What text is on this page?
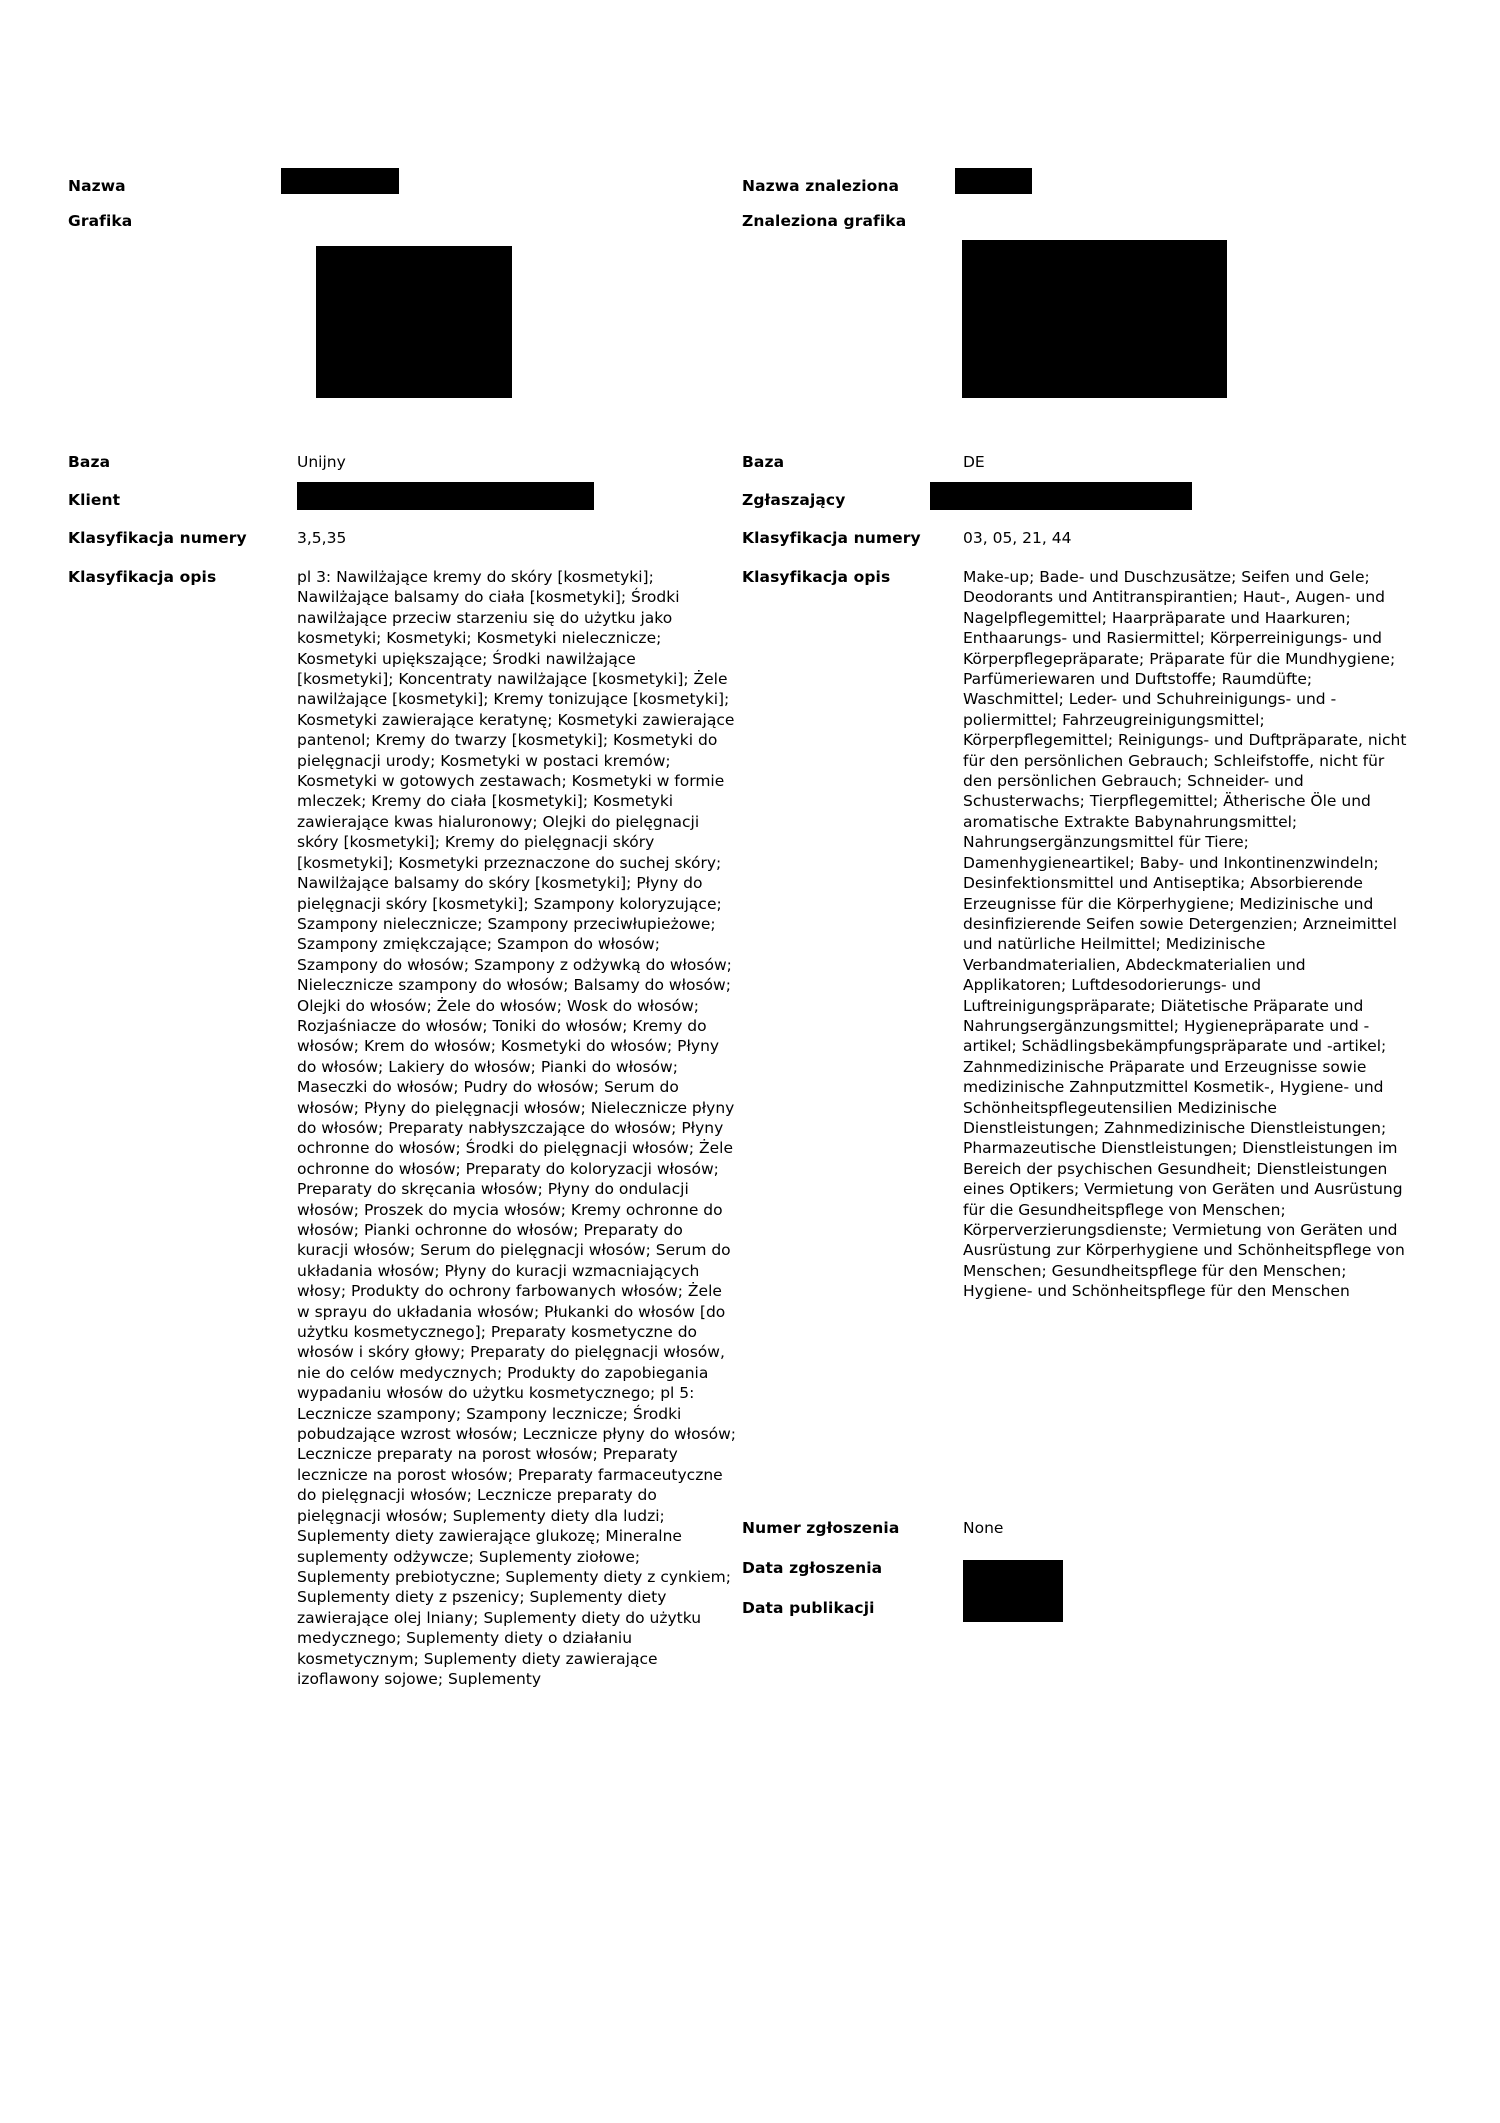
Nazwa
Grafika
Baza	Unijny
Klient
Klasyfikacja numery	3,5,35
Klasyfikacja opis	pl 3: Nawilżające kremy do skóry [kosmetyki]; Nawilżające balsamy do ciała [kosmetyki]; Środki nawilżające przeciw starzeniu się do użytku jako kosmetyki; Kosmetyki; Kosmetyki nielecznicze; Kosmetyki upiększające; Środki nawilżające [kosmetyki]; Koncentraty nawilżające [kosmetyki]; Żele nawilżające [kosmetyki]; Kremy tonizujące [kosmetyki]; Kosmetyki zawierające keratynę; Kosmetyki zawierające pantenol; Kremy do twarzy [kosmetyki]; Kosmetyki do pielęgnacji urody; Kosmetyki w postaci kremów; Kosmetyki w gotowych zestawach; Kosmetyki w formie mleczek; Kremy do ciała [kosmetyki]; Kosmetyki zawierające kwas hialuronowy; Olejki do pielęgnacji skóry [kosmetyki]; Kremy do pielęgnacji skóry [kosmetyki]; Kosmetyki przeznaczone do suchej skóry; Nawilżające balsamy do skóry [kosmetyki]; Płyny do pielęgnacji skóry [kosmetyki]; Szampony koloryzujące; Szampony nielecznicze; Szampony przeciwłupieżowe; Szampony zmiękczające; Szampon do włosów; Szampony do włosów; Szampony z odżywką do włosów; Nielecznicze szampony do włosów; Balsamy do włosów; Olejki do włosów; Żele do włosów; Wosk do włosów; Rozjaśniacze do włosów; Toniki do włosów; Kremy do włosów; Krem do włosów; Kosmetyki do włosów; Płyny do włosów; Lakiery do włosów; Pianki do włosów; Maseczki do włosów; Pudry do włosów; Serum do włosów; Płyny do pielęgnacji włosów; Nielecznicze płyny do włosów; Preparaty nabłyszczające do włosów; Płyny ochronne do włosów; Środki do pielęgnacji włosów; Żele ochronne do włosów; Preparaty do koloryzacji włosów; Preparaty do skręcania włosów; Płyny do ondulacji włosów; Proszek do mycia włosów; Kremy ochronne do włosów; Pianki ochronne do włosów; Preparaty do kuracji włosów; Serum do pielęgnacji włosów; Serum do układania włosów; Płyny do kuracji wzmacniających włosy; Produkty do ochrony farbowanych włosów; Żele w sprayu do układania włosów; Płukanki do włosów [do użytku kosmetycznego]; Preparaty kosmetyczne do włosów i skóry głowy; Preparaty do pielęgnacji włosów, nie do celów medycznych; Produkty do zapobiegania wypadaniu włosów do użytku kosmetycznego; pl 5: Lecznicze szampony; Szampony lecznicze; Środki pobudzające wzrost włosów; Lecznicze płyny do włosów; Lecznicze preparaty na porost włosów; Preparaty lecznicze na porost włosów; Preparaty farmaceutyczne do pielęgnacji włosów; Lecznicze preparaty do pielęgnacji włosów; Suplementy diety dla ludzi; Suplementy diety zawierające glukozę; Mineralne suplementy odżywcze; Suplementy ziołowe; Suplementy prebiotyczne; Suplementy diety z cynkiem; Suplementy diety z pszenicy; Suplementy diety zawierające olej lniany; Suplementy diety do użytku medycznego; Suplementy diety o działaniu kosmetycznym; Suplementy diety zawierające izoflawony sojowe; Suplementy
Nazwa znaleziona
Znaleziona grafika
Baza	DE
Zgłaszający
Klasyfikacja numery	03, 05, 21, 44
Klasyfikacja opis	Make-up; Bade- und Duschzusätze; Seifen und Gele; Deodorants und Antitranspirantien; Haut-, Augen- und Nagelpflegemittel; Haarpräparate und Haarkuren; Enthaarungs- und Rasiermittel; Körperreinigungs- und Körperpflegepräparate; Präparate für die Mundhygiene; Parfümeriewaren und Duftstoffe; Raumdüfte; Waschmittel; Leder- und Schuhreinigungs- und -poliermittel; Fahrzeugreinigungsmittel; Körperpflegemittel; Reinigungs- und Duftpräparate, nicht für den persönlichen Gebrauch; Schleifstoffe, nicht für den persönlichen Gebrauch; Schneider- und Schusterwachs; Tierpflegemittel; Ätherische Öle und aromatische Extrakte Babynahrungsmittel; Nahrungsergänzungsmittel für Tiere; Damenhygieneartikel; Baby- und Inkontinenzwindeln; Desinfektionsmittel und Antiseptika; Absorbierende Erzeugnisse für die Körperhygiene; Medizinische und desinfizierende Seifen sowie Detergenzien; Arzneimittel und natürliche Heilmittel; Medizinische Verbandmaterialien, Abdeckmaterialien und Applikatoren; Luftdesodorierungs- und Luftreinigungspräparate; Diätetische Präparate und Nahrungsergänzungsmittel; Hygienepräparate und -artikel; Schädlingsbekämpfungspräparate und -artikel; Zahnmedizinische Präparate und Erzeugnisse sowie medizinische Zahnputzmittel Kosmetik-, Hygiene- und Schönheitspflegeutensilien Medizinische Dienstleistungen; Zahnmedizinische Dienstleistungen; Pharmazeutische Dienstleistungen; Dienstleistungen im Bereich der psychischen Gesundheit; Dienstleistungen eines Optikers; Vermietung von Geräten und Ausrüstung für die Gesundheitspflege von Menschen; Körperverzierungsdienste; Vermietung von Geräten und Ausrüstung zur Körperhygiene und Schönheitspflege von Menschen; Gesundheitspflege für den Menschen; Hygiene- und Schönheitspflege für den Menschen
Numer zgłoszenia	None
Data zgłoszenia
Data publikacji
